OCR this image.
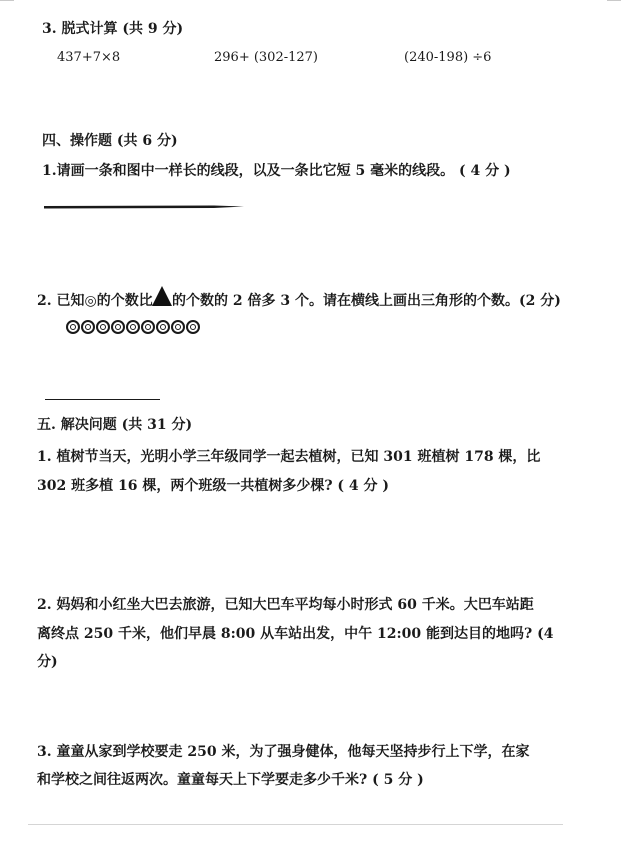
3. 脱式计算 (共 9 分)
437+7×8	296+ (302-127)	(240-198) ÷6
四、操作题 (共 6 分)
1.请画一条和图中一样长的线段，以及一条比它短 5 毫米的线段。 ( 4 分 )
2. 已知◎的个数比 的个数的 2 倍多 3 个。请在横线上画出三角形的个数。(2 分)
五. 解决问题 (共 31 分)
1. 植树节当天，光明小学三年级同学一起去植树，已知 301 班植树 178 棵，比
302 班多植 16 棵，两个班级一共植树多少棵? ( 4 分 )
2. 妈妈和小红坐大巴去旅游，已知大巴车平均每小时形式 60 千米。大巴车站距
离终点 250 千米，他们早晨 8:00 从车站出发，中午 12:00 能到达目的地吗? (4
分)
3. 童童从家到学校要走 250 米，为了强身健体，他每天坚持步行上下学，在家
和学校之间往返两次。童童每天上下学要走多少千米? ( 5 分 )
